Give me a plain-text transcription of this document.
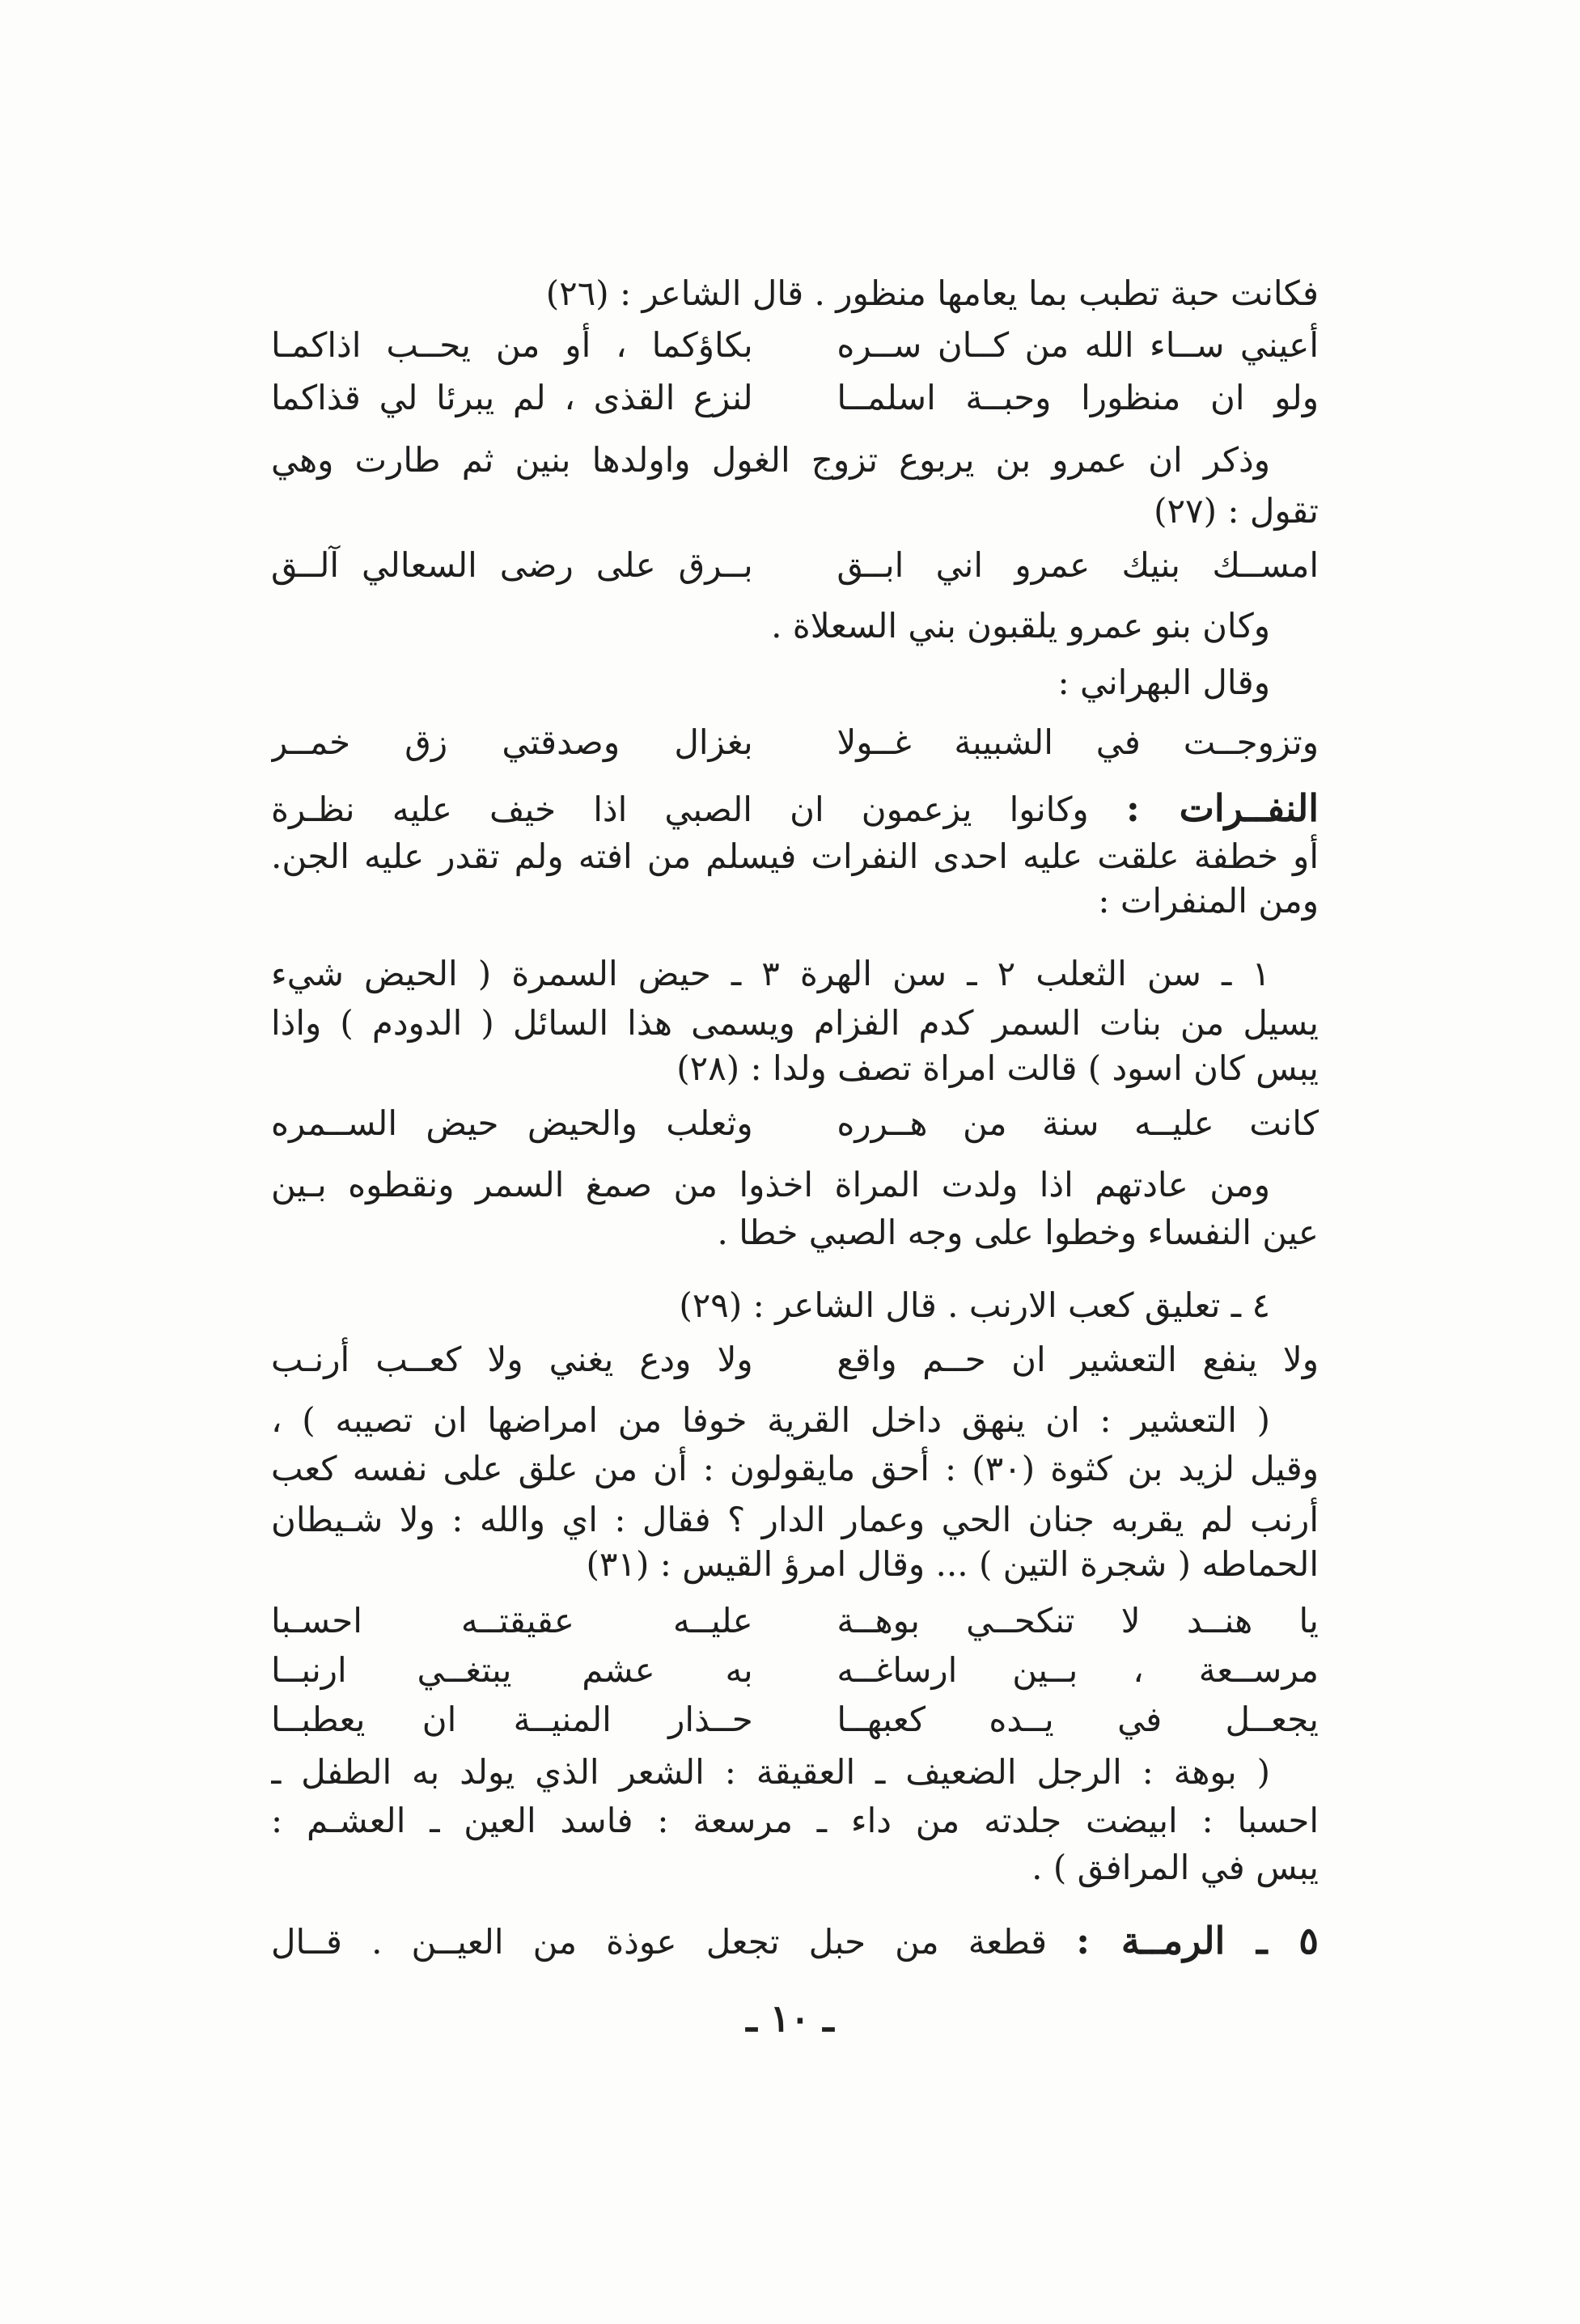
فكانت حبة تطبب بما يعامها منظور . قال الشاعر : (٢٦)
أعيني ســاء الله من كــان ســره
بكاؤكما ، أو من يحــب اذاكمـا
ولو ان منظورا وحبــة اسلمــا
لنزع القذى ، لم يبرئا لي قذاكما
وذكر ان عمرو بن يربوع تزوج الغول واولدها بنين ثم طارت وهي
تقول : (٢٧)
امســك بنيك عمرو اني ابــق
بــرق على رضى السعالي آلــق
وكان بنو عمرو يلقبون بني السعلاة .
وقال البهراني :
وتزوجــت في الشبيبة غــولا
بغزال وصدقتي زق خمــر
النفــرات : وكانوا يزعمون ان الصبي اذا خيف عليه نظـرة
أو خطفة علقت عليه احدى النفرات فيسلم من افته ولم تقدر عليه الجن.
ومن المنفرات :
١ ـ سن الثعلب ٢ ـ سن الهرة ٣ ـ حيض السمرة ( الحيض شيء
يسيل من بنات السمر كدم الفزام ويسمى هذا السائل ( الدودم ) واذا
يبس كان اسود ) قالت امراة تصف ولدا : (٢٨)
كانت عليــه سنة من هــرره
وثعلب والحيض حيض الســمره
ومن عادتهم اذا ولدت المراة اخذوا من صمغ السمر ونقطوه بـين
عين النفساء وخطوا على وجه الصبي خطا .
٤ ـ تعليق كعب الارنب . قال الشاعر : (٢٩)
ولا ينفع التعشير ان حــم واقع
ولا ودع يغني ولا كعــب أرنـب
( التعشير : ان ينهق داخل القرية خوفا من امراضها ان تصيبه ) ،
وقيل لزيد بن كثوة (٣٠) : أحق مايقولون : أن من علق على نفسه كعب
أرنب لم يقربه جنان الحي وعمار الدار ؟ فقال : اي والله : ولا شـيطان
الحماطه ( شجرة التين ) ... وقال امرؤ القيس : (٣١)
يا هنــد لا تنكحــي بوهــة
عليــه عقيقتــه احسـبا
مرســعة ، بــين ارساغــه
به عشم يبتغــي ارنبــا
يجعــل في يــده كعبهــا
حــذار المنيــة ان يعطبــا
( بوهة : الرجل الضعيف ـ العقيقة : الشعر الذي يولد به الطفل ـ
احسبا : ابيضت جلدته من داء ـ مرسعة : فاسد العين ـ العشـم :
يبس في المرافق ) .
٥ ـ الرمــة : قطعة من حبل تجعل عوذة من العيــن . قــال
ـ ١٠ ـ
